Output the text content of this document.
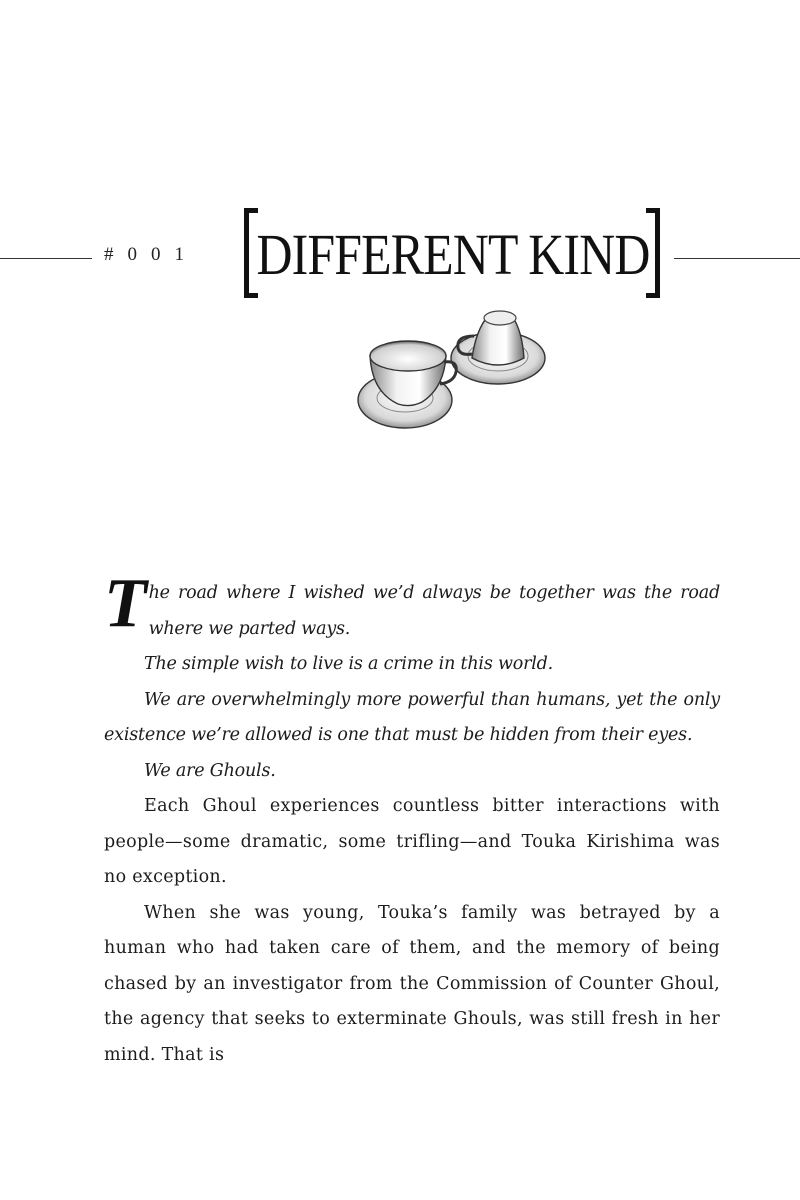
#001 DIFFERENT KIND

The road where I wished we’d always be together was the road where we parted ways.

The simple wish to live is a crime in this world.

We are overwhelmingly more powerful than humans, yet the only existence we’re allowed is one that must be hidden from their eyes.

We are Ghouls.

Each Ghoul experiences countless bitter interactions with people—some dramatic, some trifling—and Touka Kirishima was no exception.

When she was young, Touka’s family was betrayed by a human who had taken care of them, and the memory of being chased by an investigator from the Commission of Counter Ghoul, the agency that seeks to exterminate Ghouls, was still fresh in her mind. That is
